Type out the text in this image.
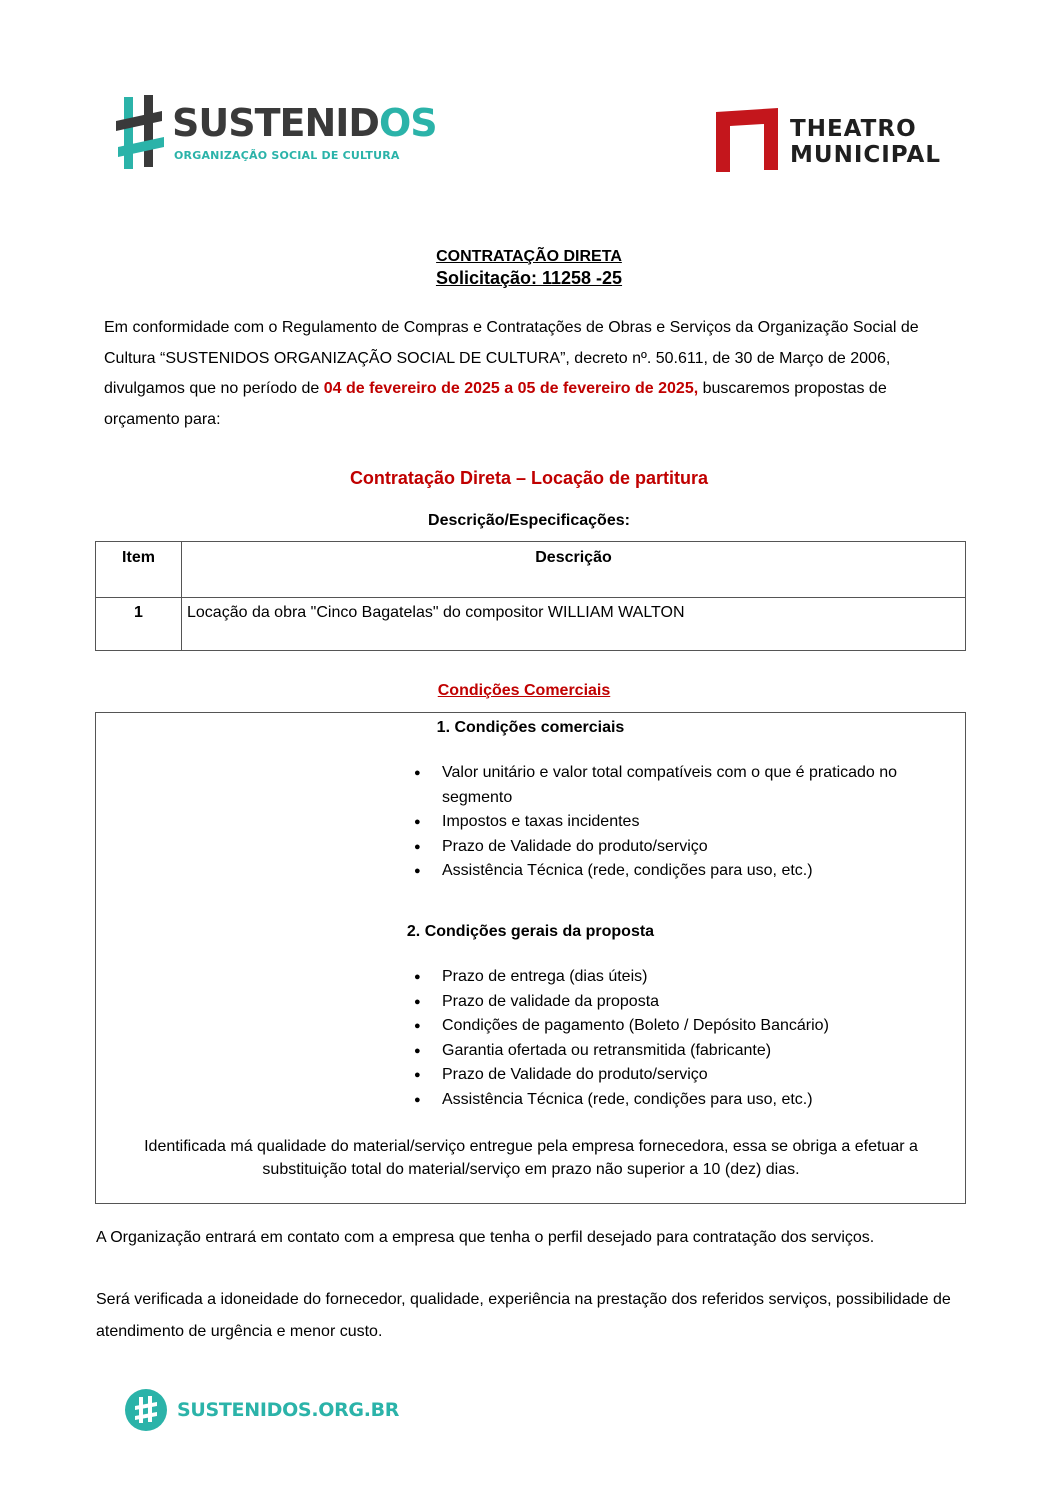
SUSTENIDOS
ORGANIZAÇÃO SOCIAL DE CULTURA
THEATRO
MUNICIPAL
CONTRATAÇÃO DIRETA
Solicitação: 11258 -25
Em conformidade com o Regulamento de Compras e Contratações de Obras e Serviços da Organização Social de Cultura “SUSTENIDOS ORGANIZAÇÃO SOCIAL DE CULTURA”, decreto nº. 50.611, de 30 de Março de 2006, divulgamos que no período de 04 de fevereiro de 2025 a 05 de fevereiro de 2025, buscaremos propostas de orçamento para:
Contratação Direta – Locação de partitura
Descrição/Especificações:
Item	Descrição
1	Locação da obra "Cinco Bagatelas" do compositor WILLIAM WALTON
Condições Comerciais
1. Condições comerciais
● Valor unitário e valor total compatíveis com o que é praticado no segmento
● Impostos e taxas incidentes
● Prazo de Validade do produto/serviço
● Assistência Técnica (rede, condições para uso, etc.)
2. Condições gerais da proposta
● Prazo de entrega (dias úteis)
● Prazo de validade da proposta
● Condições de pagamento (Boleto / Depósito Bancário)
● Garantia ofertada ou retransmitida (fabricante)
● Prazo de Validade do produto/serviço
● Assistência Técnica (rede, condições para uso, etc.)
Identificada má qualidade do material/serviço entregue pela empresa fornecedora, essa se obriga a efetuar a substituição total do material/serviço em prazo não superior a 10 (dez) dias.
A Organização entrará em contato com a empresa que tenha o perfil desejado para contratação dos serviços.
Será verificada a idoneidade do fornecedor, qualidade, experiência na prestação dos referidos serviços, possibilidade de atendimento de urgência e menor custo.
SUSTENIDOS.ORG.BR
